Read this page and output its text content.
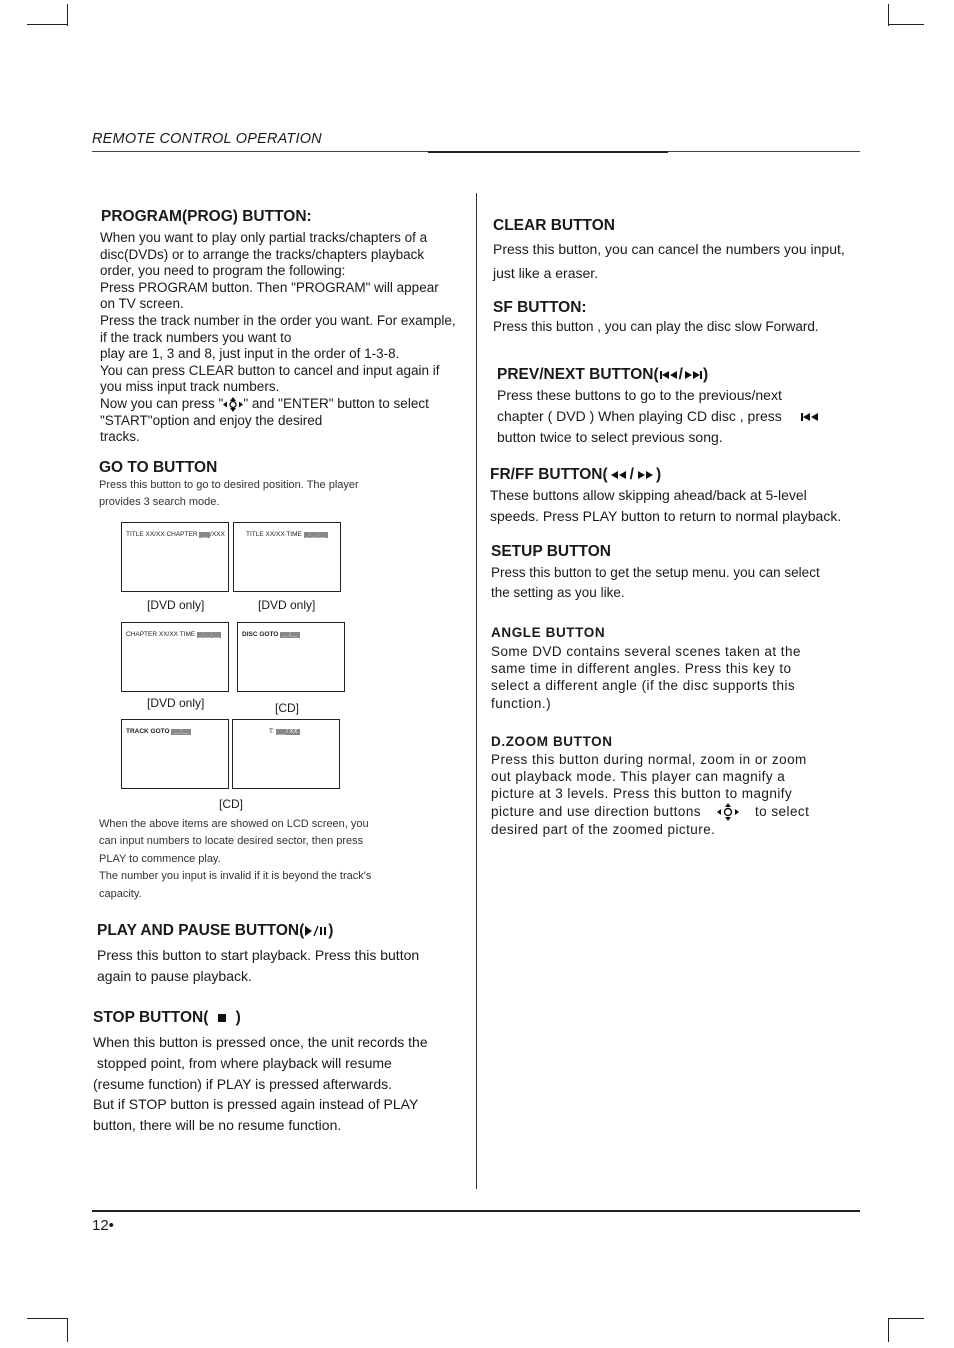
REMOTE CONTROL OPERATION
PROGRAM(PROG) BUTTON:
When you want to play only partial tracks/chapters of a
disc(DVDs) or to arrange the tracks/chapters playback
order, you need to program the following:
Press PROGRAM button. Then "PROGRAM" will appear
on TV screen.
Press the track number in the order you want. For example,
if the track numbers you want to
play are 1, 3 and 8, just input in the order of 1-3-8.
You can press CLEAR button to cancel and input again if
you miss input track numbers.
Now you can press " " and "ENTER" button to select
"START"option and enjoy the desired
tracks.
GO TO BUTTON
Press this button to go to desired position. The player
provides 3 search mode.
TITLE XX/XX CHAPTER __ /XXX	TITLE XX/XX TIME _:__:__
[DVD only]	[DVD only]
CHAPTER XX/XX TIME _:__:__	DISC GOTO __:__
[DVD only]	[CD]
TRACK GOTO __:__	T: __ / XX
[CD]
When the above items are showed on LCD screen, you
can input numbers to locate desired sector, then press
PLAY to commence play.
The number you input is invalid if it is beyond the track's
capacity.
PLAY AND PAUSE BUTTON( )
Press this button to start playback. Press this button
again to pause playback.
STOP BUTTON( )
When this button is pressed once, the unit records the
stopped point, from where playback will resume
(resume function) if PLAY is pressed afterwards.
But if STOP button is pressed again instead of PLAY
button, there will be no resume function.
CLEAR BUTTON
Press this button, you can cancel the numbers you input,
just like a eraser.
SF BUTTON:
Press this button , you can play the disc slow Forward.
PREV/NEXT BUTTON( / )
Press these buttons to go to the previous/next
chapter ( DVD ) When playing CD disc , press
button twice to select previous song.
FR/FF BUTTON( / )
These buttons allow skipping ahead/back at 5-level
speeds. Press PLAY button to return to normal playback.
SETUP BUTTON
Press this button to get the setup menu. you can select
the setting as you like.
ANGLE BUTTON
Some DVD contains several scenes taken at the
same time in different angles. Press this key to
select a different angle (if the disc supports this
function.)
D.ZOOM BUTTON
Press this button during normal, zoom in or zoom
out playback mode. This player can magnify a
picture at 3 levels. Press this button to magnify
picture and use direction buttons	to select
desired part of the zoomed picture.
12•
